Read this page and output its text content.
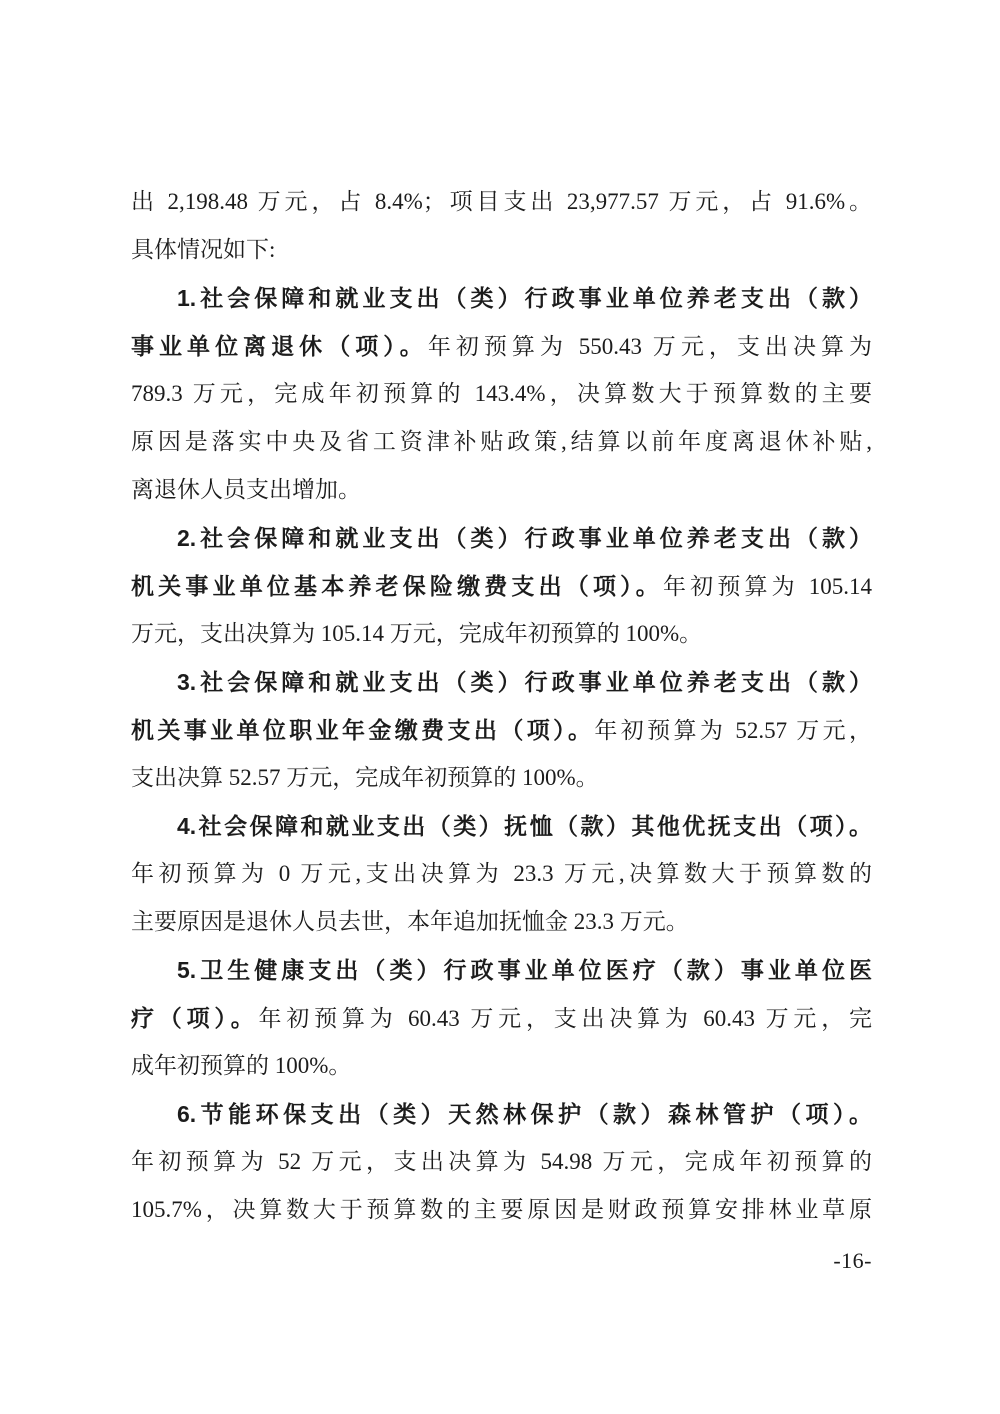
出 2,198.48 万元，占 8.4%；项目支出 23,977.57 万元，占 91.6%。
具体情况如下:
1.社会保障和就业支出（类）行政事业单位养老支出（款）
事业单位离退休（项）。年初预算为 550.43 万元，支出决算为
789.3 万元，完成年初预算的 143.4%，决算数大于预算数的主要
原因是落实中央及省工资津补贴政策,结算以前年度离退休补贴,
离退休人员支出增加。
2.社会保障和就业支出（类）行政事业单位养老支出（款）
机关事业单位基本养老保险缴费支出（项）。年初预算为 105.14
万元，支出决算为 105.14 万元，完成年初预算的 100%。
3.社会保障和就业支出（类）行政事业单位养老支出（款）
机关事业单位职业年金缴费支出（项）。年初预算为 52.57 万元，
支出决算 52.57 万元，完成年初预算的 100%。
4.社会保障和就业支出（类）抚恤（款）其他优抚支出（项）。
年初预算为 0 万元,支出决算为 23.3 万元,决算数大于预算数的
主要原因是退休人员去世，本年追加抚恤金 23.3 万元。
5.卫生健康支出（类）行政事业单位医疗（款）事业单位医
疗（项）。年初预算为 60.43 万元，支出决算为 60.43 万元，完
成年初预算的 100%。
6.节能环保支出（类）天然林保护（款）森林管护（项）。
年初预算为 52 万元，支出决算为 54.98 万元，完成年初预算的
105.7%，决算数大于预算数的主要原因是财政预算安排林业草原
-16-
